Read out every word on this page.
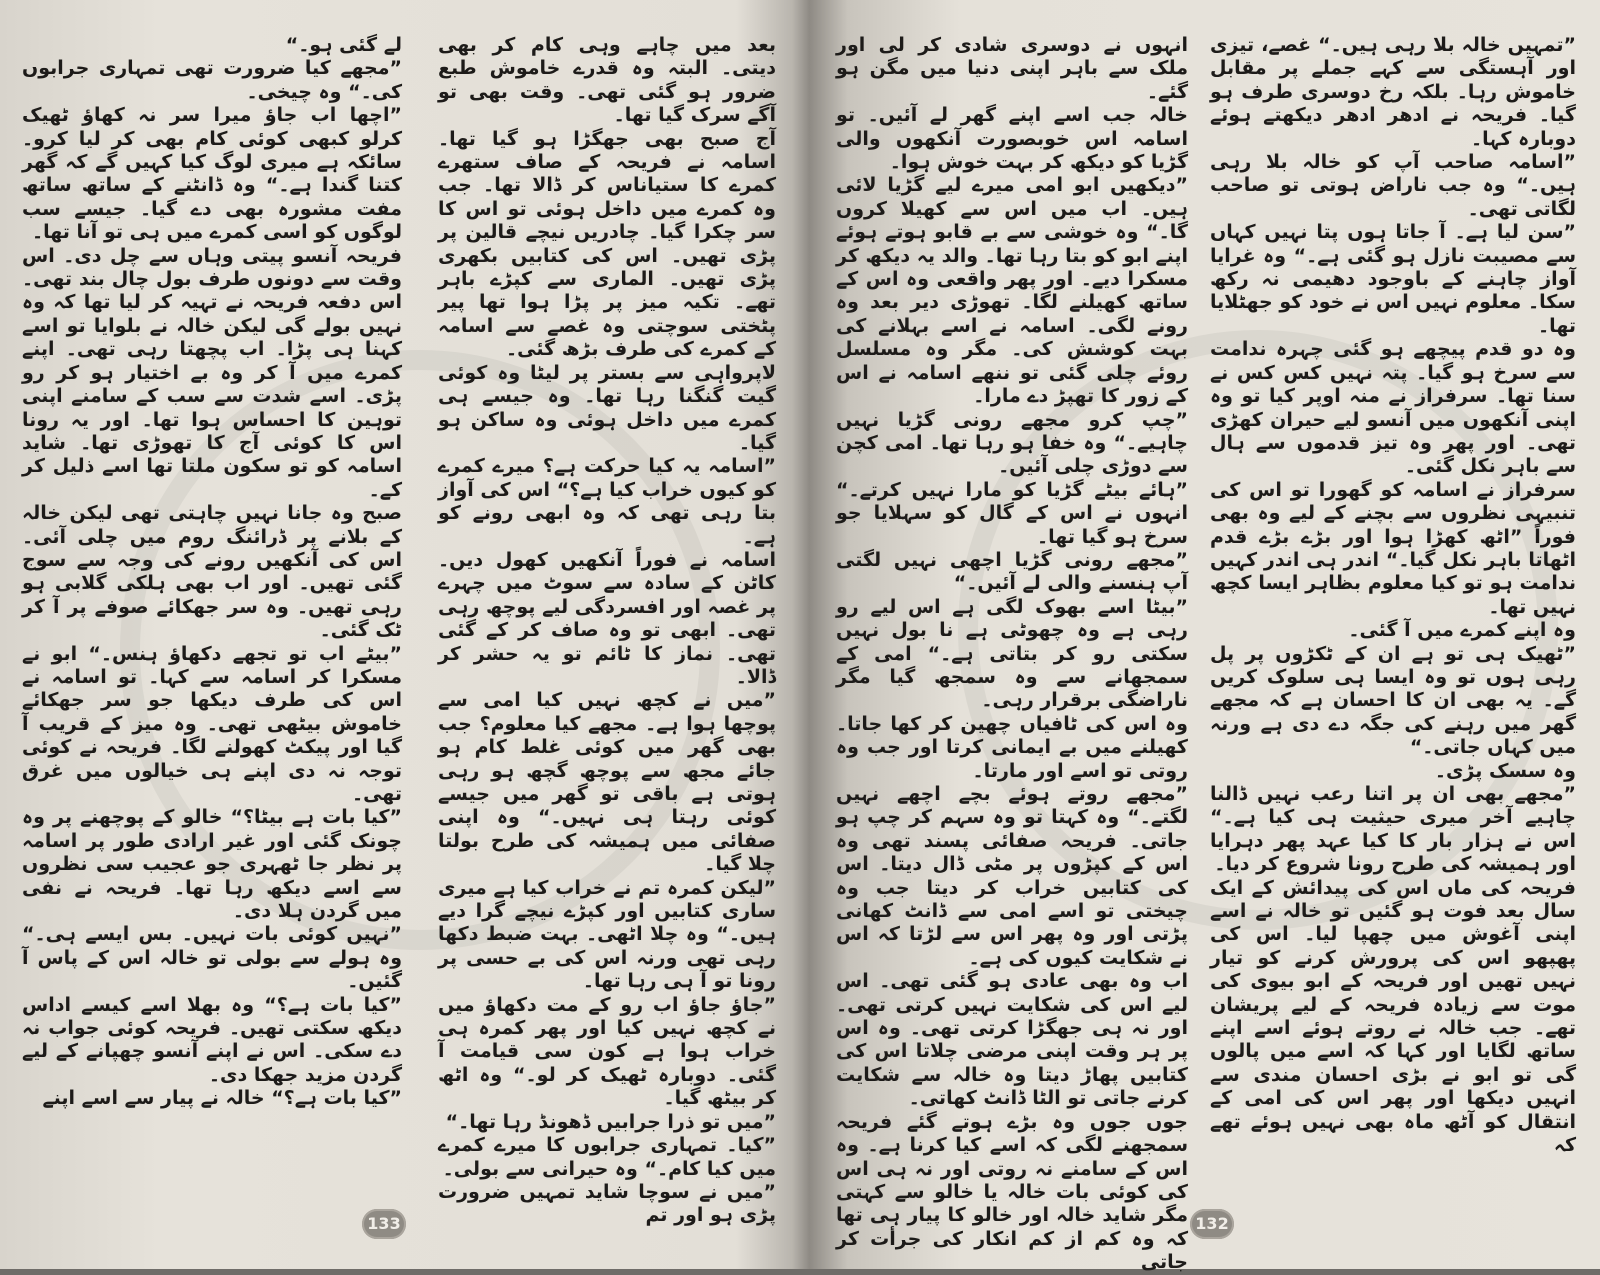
بعد میں چاہے وہی کام کر بھی دیتی۔ البتہ وہ قدرے خاموش طبع ضرور ہو گئی تھی۔ وقت بھی تو آگے سرک گیا تھا۔

آج صبح بھی جھگڑا ہو گیا تھا۔ اسامہ نے فریحہ کے صاف ستھرے کمرے کا ستیاناس کر ڈالا تھا۔ جب وہ کمرے میں داخل ہوئی تو اس کا سر چکرا گیا۔ چادریں نیچے قالین پر پڑی تھیں۔ اس کی کتابیں بکھری پڑی تھیں۔ الماری سے کپڑے باہر تھے۔ تکیہ میز پر پڑا ہوا تھا پیر پٹختی سوچتی وہ غصے سے اسامہ کے کمرے کی طرف بڑھ گئی۔

لاپرواہی سے بستر پر لیٹا وہ کوئی گیت گنگنا رہا تھا۔ وہ جیسے ہی کمرے میں داخل ہوئی وہ ساکن ہو گیا۔

”اسامہ یہ کیا حرکت ہے؟ میرے کمرے کو کیوں خراب کیا ہے؟“ اس کی آواز بتا رہی تھی کہ وہ ابھی رونے کو ہے۔

اسامہ نے فوراً آنکھیں کھول دیں۔ کاٹن کے سادہ سے سوٹ میں چہرے پر غصہ اور افسردگی لیے پوچھ رہی تھی۔ ابھی تو وہ صاف کر کے گئی تھی۔ نماز کا ٹائم تو یہ حشر کر ڈالا۔

”میں نے کچھ نہیں کیا امی سے پوچھا ہوا ہے۔ مجھے کیا معلوم؟ جب بھی گھر میں کوئی غلط کام ہو جائے مجھ سے پوچھ گچھ ہو رہی ہوتی ہے باقی تو گھر میں جیسے کوئی رہتا ہی نہیں۔“ وہ اپنی صفائی میں ہمیشہ کی طرح بولتا چلا گیا۔

”لیکن کمرہ تم نے خراب کیا ہے میری ساری کتابیں اور کپڑے نیچے گرا دیے ہیں۔“ وہ چلا اٹھی۔ بہت ضبط دکھا رہی تھی ورنہ اس کی بے حسی پر رونا تو آ ہی رہا تھا۔

”جاؤ جاؤ اب رو کے مت دکھاؤ میں نے کچھ نہیں کیا اور پھر کمرہ ہی خراب ہوا ہے کون سی قیامت آ گئی۔ دوبارہ ٹھیک کر لو۔“ وہ اٹھ کر بیٹھ گیا۔

”میں تو ذرا جرابیں ڈھونڈ رہا تھا۔“

”کیا۔ تمہاری جرابوں کا میرے کمرے میں کیا کام۔“ وہ حیرانی سے بولی۔

”میں نے سوچا شاید تمہیں ضرورت پڑی ہو اور تم

لے گئی ہو۔“

”مجھے کیا ضرورت تھی تمہاری جرابوں کی۔“ وہ چیخی۔

”اچھا اب جاؤ میرا سر نہ کھاؤ ٹھیک کرلو کبھی کوئی کام بھی کر لیا کرو۔ سائکہ ہے میری لوگ کیا کہیں گے کہ گھر کتنا گندا ہے۔“ وہ ڈانٹنے کے ساتھ ساتھ مفت مشورہ بھی دے گیا۔ جیسے سب لوگوں کو اسی کمرے میں ہی تو آنا تھا۔

فریحہ آنسو پیتی وہاں سے چل دی۔ اس وقت سے دونوں طرف بول چال بند تھی۔ اس دفعہ فریحہ نے تہیہ کر لیا تھا کہ وہ نہیں بولے گی لیکن خالہ نے بلوایا تو اسے کہنا ہی پڑا۔ اب پچھتا رہی تھی۔ اپنے کمرے میں آ کر وہ بے اختیار ہو کر رو پڑی۔ اسے شدت سے سب کے سامنے اپنی توہین کا احساس ہوا تھا۔ اور یہ رونا اس کا کوئی آج کا تھوڑی تھا۔ شاید اسامہ کو تو سکون ملتا تھا اسے ذلیل کر کے۔

صبح وہ جانا نہیں چاہتی تھی لیکن خالہ کے بلانے پر ڈرائنگ روم میں چلی آئی۔ اس کی آنکھیں رونے کی وجہ سے سوج گئی تھیں۔ اور اب بھی ہلکی گلابی ہو رہی تھیں۔ وہ سر جھکائے صوفے پر آ کر ٹک گئی۔

”بیٹے اب تو تجھے دکھاؤ ہنس۔“ ابو نے مسکرا کر اسامہ سے کہا۔ تو اسامہ نے اس کی طرف دیکھا جو سر جھکائے خاموش بیٹھی تھی۔ وہ میز کے قریب آ گیا اور پیکٹ کھولنے لگا۔ فریحہ نے کوئی توجہ نہ دی اپنے ہی خیالوں میں غرق تھی۔

”کیا بات ہے بیٹا؟“ خالو کے پوچھنے پر وہ چونک گئی اور غیر ارادی طور پر اسامہ پر نظر جا ٹھہری جو عجیب سی نظروں سے اسے دیکھ رہا تھا۔ فریحہ نے نفی میں گردن ہلا دی۔

”نہیں کوئی بات نہیں۔ بس ایسے ہی۔“ وہ ہولے سے بولی تو خالہ اس کے پاس آ گئیں۔

”کیا بات ہے؟“ وہ بھلا اسے کیسے اداس دیکھ سکتی تھیں۔ فریحہ کوئی جواب نہ دے سکی۔ اس نے اپنے آنسو چھپانے کے لیے گردن مزید جھکا دی۔

”کیا بات ہے؟“ خالہ نے پیار سے اسے اپنے

133

”تمہیں خالہ بلا رہی ہیں۔“ غصے، تیزی اور آہستگی سے کہے جملے پر مقابل خاموش رہا۔ بلکہ رخ دوسری طرف ہو گیا۔ فریحہ نے ادھر ادھر دیکھتے ہوئے دوبارہ کہا۔

”اسامہ صاحب آپ کو خالہ بلا رہی ہیں۔“ وہ جب ناراض ہوتی تو صاحب لگاتی تھی۔

”سن لیا ہے۔ آ جاتا ہوں پتا نہیں کہاں سے مصیبت نازل ہو گئی ہے۔“ وہ غرایا آواز چاہنے کے باوجود دھیمی نہ رکھ سکا۔ معلوم نہیں اس نے خود کو جھٹلایا تھا۔

وہ دو قدم پیچھے ہو گئی چہرہ ندامت سے سرخ ہو گیا۔ پتہ نہیں کس کس نے سنا تھا۔ سرفراز نے منہ اوپر کیا تو وہ اپنی آنکھوں میں آنسو لیے حیران کھڑی تھی۔ اور پھر وہ تیز قدموں سے ہال سے باہر نکل گئی۔

سرفراز نے اسامہ کو گھورا تو اس کی تنبیہی نظروں سے بچنے کے لیے وہ بھی فوراً ”اٹھ کھڑا ہوا اور بڑے بڑے قدم اٹھاتا باہر نکل گیا۔“ اندر ہی اندر کہیں ندامت ہو تو کیا معلوم بظاہر ایسا کچھ نہیں تھا۔

وہ اپنے کمرے میں آ گئی۔

”ٹھیک ہی تو ہے ان کے ٹکڑوں پر پل رہی ہوں تو وہ ایسا ہی سلوک کریں گے۔ یہ بھی ان کا احسان ہے کہ مجھے گھر میں رہنے کی جگہ دے دی ہے ورنہ میں کہاں جاتی۔“

وہ سسک پڑی۔

”مجھے بھی ان پر اتنا رعب نہیں ڈالنا چاہیے آخر میری حیثیت ہی کیا ہے۔“ اس نے ہزار بار کا کیا عہد پھر دہرایا اور ہمیشہ کی طرح رونا شروع کر دیا۔

فریحہ کی ماں اس کی پیدائش کے ایک سال بعد فوت ہو گئیں تو خالہ نے اسے اپنی آغوش میں چھپا لیا۔ اس کی پھپھو اس کی پرورش کرنے کو تیار نہیں تھیں اور فریحہ کے ابو بیوی کی موت سے زیادہ فریحہ کے لیے پریشان تھے۔ جب خالہ نے روتے ہوئے اسے اپنے ساتھ لگایا اور کہا کہ اسے میں پالوں گی تو ابو نے بڑی احسان مندی سے انہیں دیکھا اور پھر اس کی امی کے انتقال کو آٹھ ماہ بھی نہیں ہوئے تھے کہ

انہوں نے دوسری شادی کر لی اور ملک سے باہر اپنی دنیا میں مگن ہو گئے۔

خالہ جب اسے اپنے گھر لے آئیں۔ تو اسامہ اس خوبصورت آنکھوں والی گڑیا کو دیکھ کر بہت خوش ہوا۔

”دیکھیں ابو امی میرے لیے گڑیا لائی ہیں۔ اب میں اس سے کھیلا کروں گا۔“ وہ خوشی سے بے قابو ہوتے ہوئے اپنے ابو کو بتا رہا تھا۔ والد یہ دیکھ کر مسکرا دیے۔ اور پھر واقعی وہ اس کے ساتھ کھیلنے لگا۔ تھوڑی دیر بعد وہ رونے لگی۔ اسامہ نے اسے بہلانے کی بہت کوشش کی۔ مگر وہ مسلسل روئے چلی گئی تو ننھے اسامہ نے اس کے زور کا تھپڑ دے مارا۔

”چپ کرو مجھے رونی گڑیا نہیں چاہیے۔“ وہ خفا ہو رہا تھا۔ امی کچن سے دوڑی چلی آئیں۔

”ہائے بیٹے گڑیا کو مارا نہیں کرتے۔“ انہوں نے اس کے گال کو سہلایا جو سرخ ہو گیا تھا۔

”مجھے رونی گڑیا اچھی نہیں لگتی آپ ہنسنے والی لے آئیں۔“

”بیٹا اسے بھوک لگی ہے اس لیے رو رہی ہے وہ چھوٹی ہے نا بول نہیں سکتی رو کر بتاتی ہے۔“ امی کے سمجھانے سے وہ سمجھ گیا مگر ناراضگی برقرار رہی۔

وہ اس کی ٹافیاں چھین کر کھا جاتا۔ کھیلنے میں بے ایمانی کرتا اور جب وہ روتی تو اسے اور مارتا۔

”مجھے روتے ہوئے بچے اچھے نہیں لگتے۔“ وہ کہتا تو وہ سہم کر چپ ہو جاتی۔ فریحہ صفائی پسند تھی وہ اس کے کپڑوں پر مٹی ڈال دیتا۔ اس کی کتابیں خراب کر دیتا جب وہ چیختی تو اسے امی سے ڈانٹ کھانی پڑتی اور وہ پھر اس سے لڑتا کہ اس نے شکایت کیوں کی ہے۔

اب وہ بھی عادی ہو گئی تھی۔ اس لیے اس کی شکایت نہیں کرتی تھی۔ اور نہ ہی جھگڑا کرتی تھی۔ وہ اس پر ہر وقت اپنی مرضی چلاتا اس کی کتابیں پھاڑ دیتا وہ خالہ سے شکایت کرنے جاتی تو الٹا ڈانٹ کھاتی۔

جوں جوں وہ بڑے ہوتے گئے فریحہ سمجھنے لگی کہ اسے کیا کرنا ہے۔ وہ اس کے سامنے نہ روتی اور نہ ہی اس کی کوئی بات خالہ یا خالو سے کہتی مگر شاید خالہ اور خالو کا پیار ہی تھا کہ وہ کم از کم انکار کی جرأت کر جاتی

132
